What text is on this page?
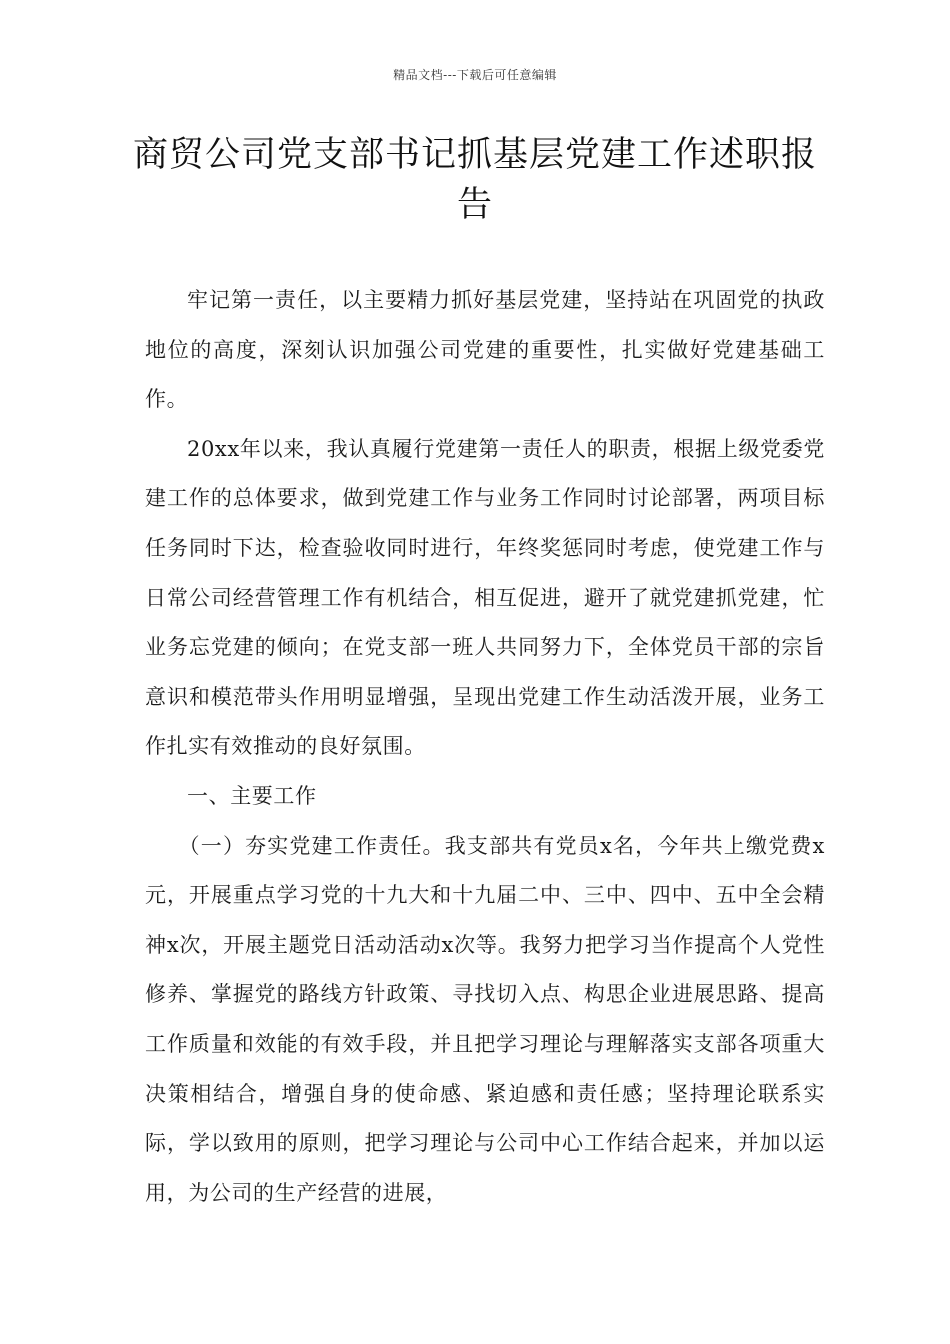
精品文档---下载后可任意编辑
商贸公司党支部书记抓基层党建工作述职报告

牢记第一责任，以主要精力抓好基层党建，坚持站在巩固党的执政地位的高度，深刻认识加强公司党建的重要性，扎实做好党建基础工作。

20xx年以来，我认真履行党建第一责任人的职责，根据上级党委党建工作的总体要求，做到党建工作与业务工作同时讨论部署，两项目标任务同时下达，检查验收同时进行，年终奖惩同时考虑，使党建工作与日常公司经营管理工作有机结合，相互促进，避开了就党建抓党建，忙业务忘党建的倾向；在党支部一班人共同努力下，全体党员干部的宗旨意识和模范带头作用明显增强，呈现出党建工作生动活泼开展，业务工作扎实有效推动的良好氛围。

一、主要工作

（一）夯实党建工作责任。我支部共有党员x名，今年共上缴党费x元，开展重点学习党的十九大和十九届二中、三中、四中、五中全会精神x次，开展主题党日活动活动x次等。我努力把学习当作提高个人党性修养、掌握党的路线方针政策、寻找切入点、构思企业进展思路、提高工作质量和效能的有效手段，并且把学习理论与理解落实支部各项重大决策相结合，增强自身的使命感、紧迫感和责任感；坚持理论联系实际，学以致用的原则，把学习理论与公司中心工作结合起来，并加以运用，为公司的生产经营的进展，
